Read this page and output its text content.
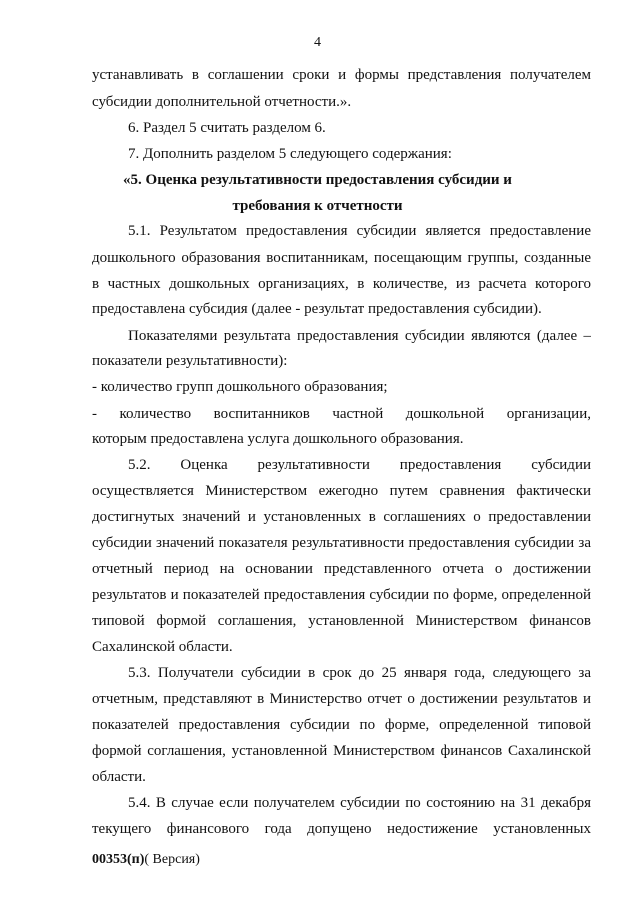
4
устанавливать в соглашении сроки и формы представления получателем
субсидии дополнительной отчетности.».
6. Раздел 5 считать разделом 6.
7. Дополнить разделом 5 следующего содержания:
«5. Оценка результативности предоставления субсидии и
требования к отчетности
5.1. Результатом предоставления субсидии является предоставление
дошкольного образования воспитанникам, посещающим группы, созданные
в частных дошкольных организациях, в количестве, из расчета которого
предоставлена субсидия (далее - результат предоставления субсидии).
Показателями результата предоставления субсидии являются (далее –
показатели результативности):
- количество групп дошкольного образования;
- количество воспитанников частной дошкольной организации,
которым предоставлена услуга дошкольного образования.
5.2. Оценка результативности предоставления субсидии
осуществляется Министерством ежегодно путем сравнения фактически
достигнутых значений и установленных в соглашениях о предоставлении
субсидии значений показателя результативности предоставления субсидии за
отчетный период на основании представленного отчета о достижении
результатов и показателей предоставления субсидии по форме, определенной
типовой формой соглашения, установленной Министерством финансов
Сахалинской области.
5.3. Получатели субсидии в срок до 25 января года, следующего за
отчетным, представляют в Министерство отчет о достижении результатов и
показателей предоставления субсидии по форме, определенной типовой
формой соглашения, установленной Министерством финансов Сахалинской
области.
5.4. В случае если получателем субсидии по состоянию на 31 декабря
текущего финансового года допущено недостижение установленных
00353(п)( Версия)
